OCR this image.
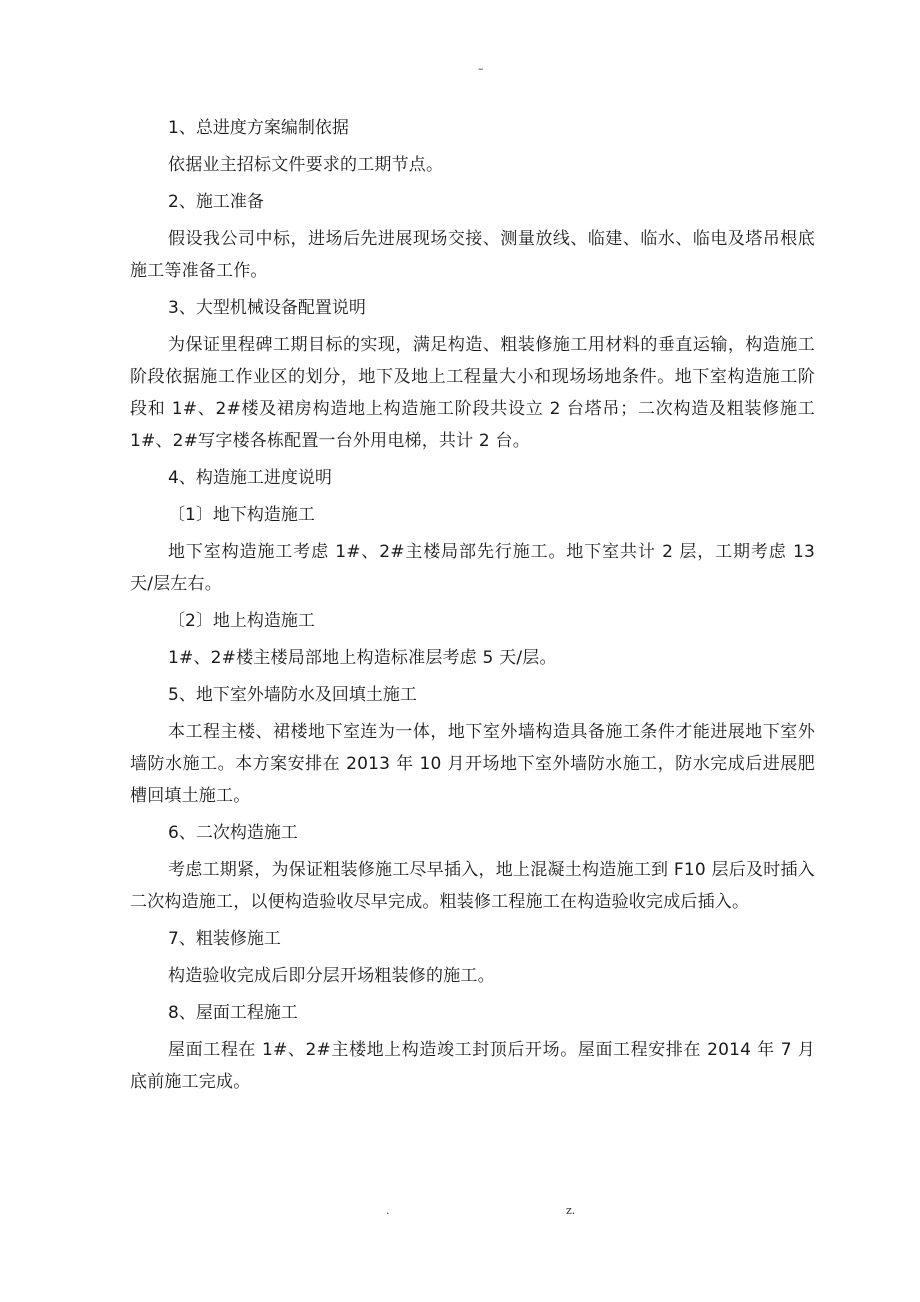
–

1、总进度方案编制依据

依据业主招标文件要求的工期节点。

2、施工准备

假设我公司中标，进场后先进展现场交接、测量放线、临建、临水、临电及塔吊根底施工等准备工作。

3、大型机械设备配置说明

为保证里程碑工期目标的实现，满足构造、粗装修施工用材料的垂直运输，构造施工阶段依据施工作业区的划分，地下及地上工程量大小和现场场地条件。地下室构造施工阶段和 1#、2#楼及裙房构造地上构造施工阶段共设立 2 台塔吊；二次构造及粗装修施工 1#、2#写字楼各栋配置一台外用电梯，共计 2 台。

4、构造施工进度说明

〔1〕地下构造施工

地下室构造施工考虑 1#、2#主楼局部先行施工。地下室共计 2 层，工期考虑 13 天/层左右。

〔2〕地上构造施工

1#、2#楼主楼局部地上构造标准层考虑 5 天/层。

5、地下室外墙防水及回填土施工

本工程主楼、裙楼地下室连为一体，地下室外墙构造具备施工条件才能进展地下室外墙防水施工。本方案安排在 2013 年 10 月开场地下室外墙防水施工，防水完成后进展肥槽回填土施工。

6、二次构造施工

考虑工期紧，为保证粗装修施工尽早插入，地上混凝土构造施工到 F10 层后及时插入二次构造施工，以便构造验收尽早完成。粗装修工程施工在构造验收完成后插入。

7、粗装修施工

构造验收完成后即分层开场粗装修的施工。

8、屋面工程施工

屋面工程在 1#、2#主楼地上构造竣工封顶后开场。屋面工程安排在 2014 年 7 月底前施工完成。

.	z.
